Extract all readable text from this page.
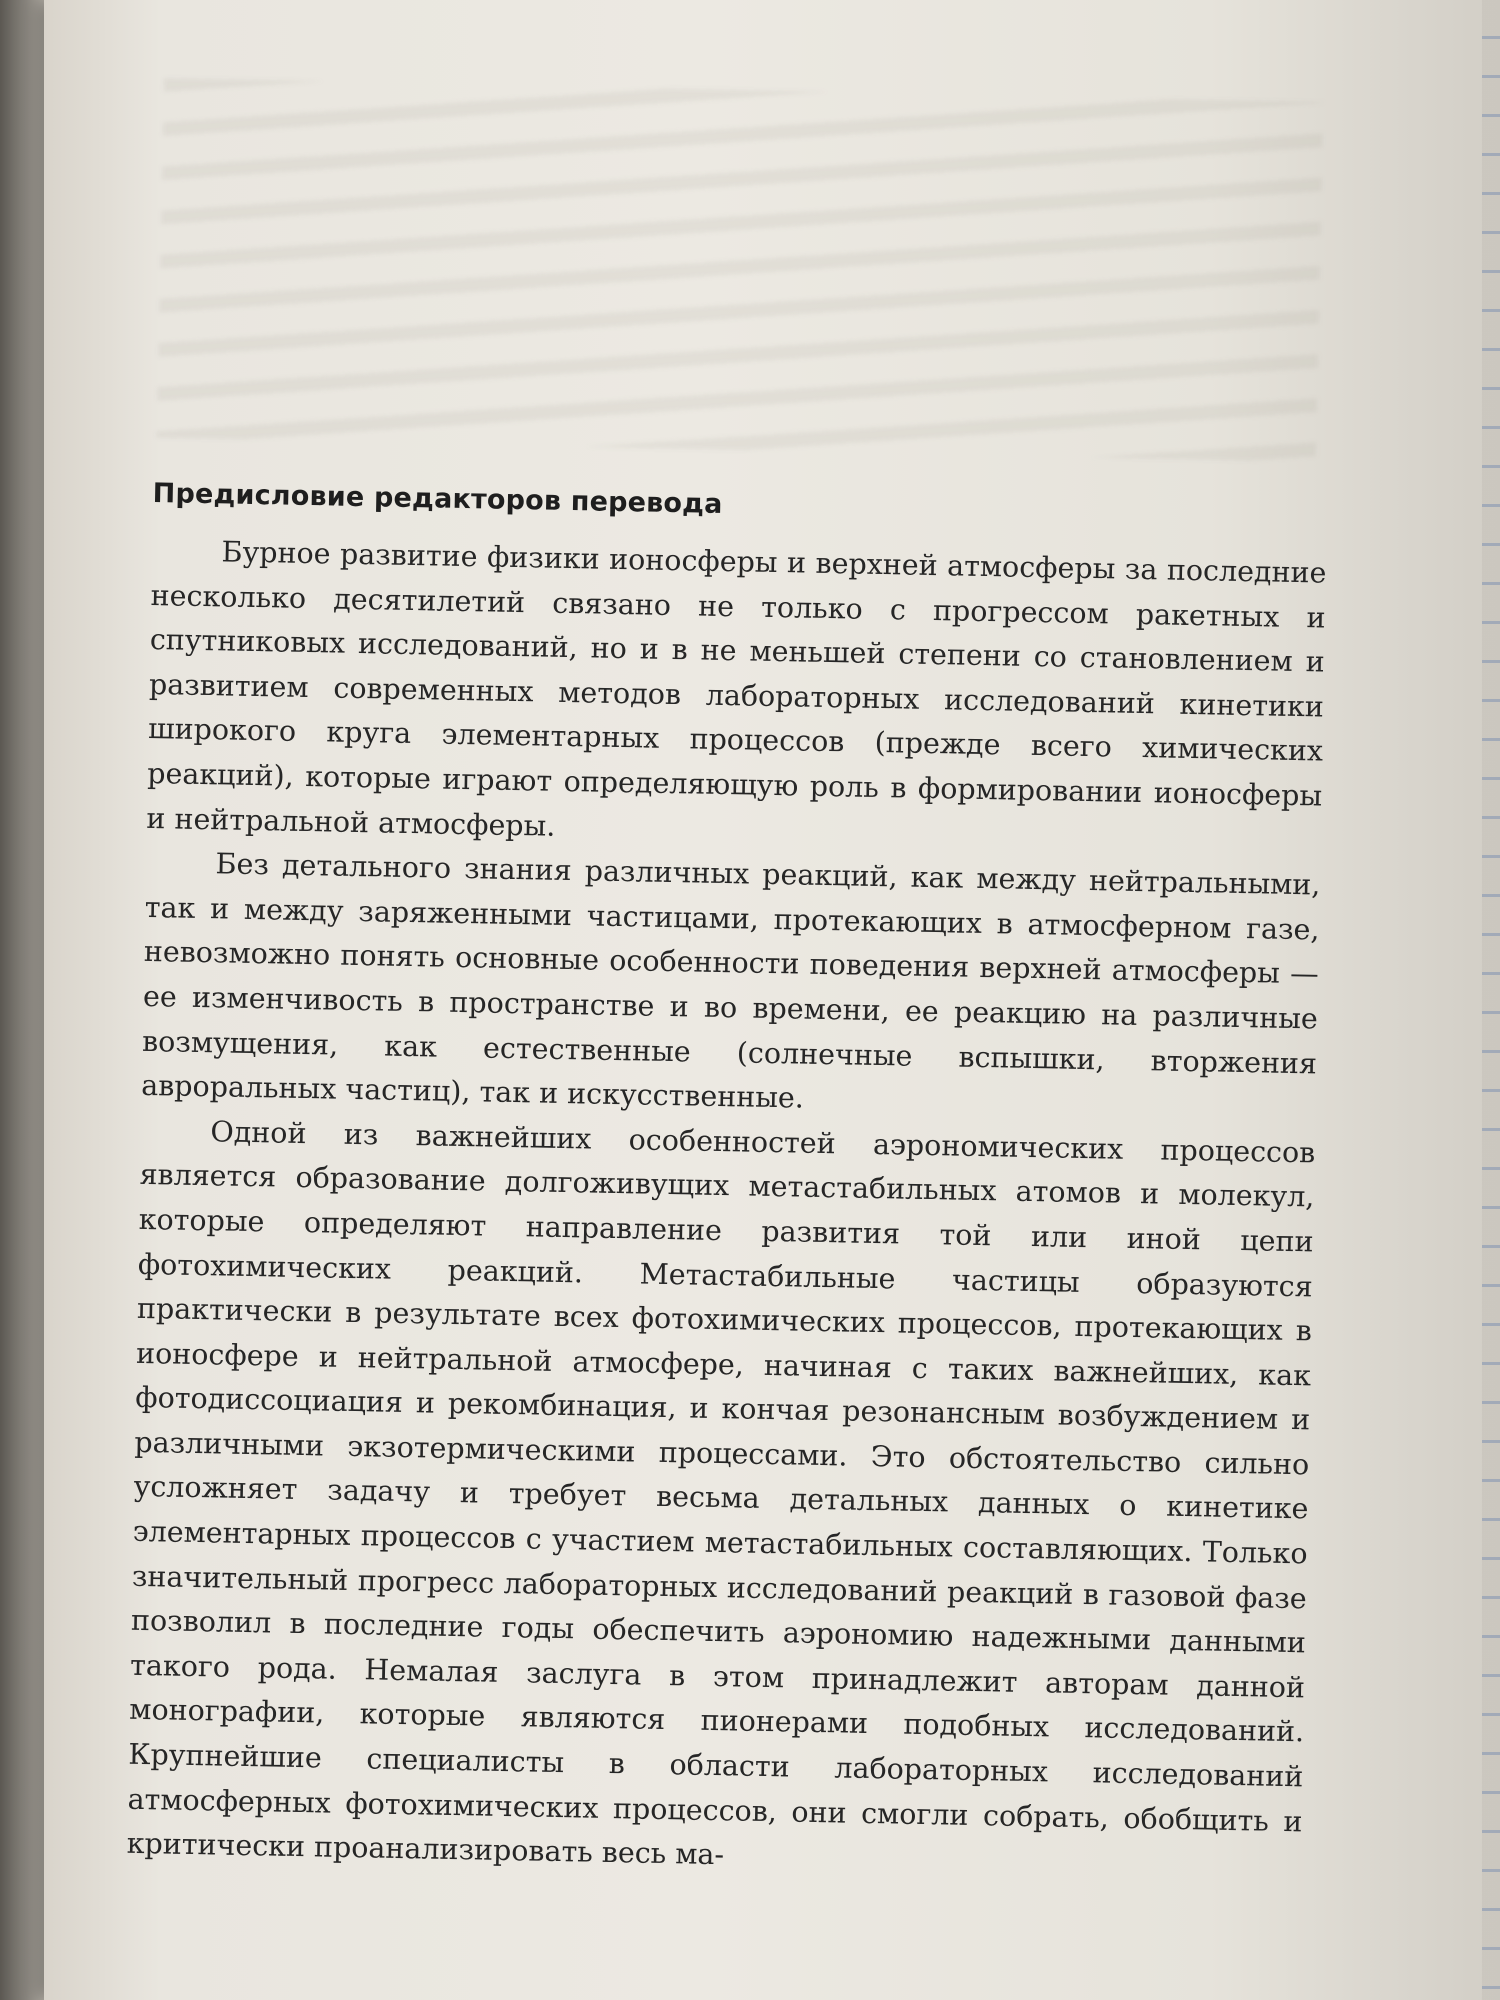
Предисловие редакторов перевода

Бурное развитие физики ионосферы и верхней атмосферы за последние несколько десятилетий связано не только с прогрессом ракетных и спутниковых исследований, но и в не меньшей степени со становлением и развитием современных методов лабораторных исследований кинетики широкого круга элементарных процессов (прежде всего химических реакций), которые играют определяющую роль в формировании ионосферы и нейтральной атмосферы.

Без детального знания различных реакций, как между нейтральными, так и между заряженными частицами, протекающих в атмосферном газе, невозможно понять основные особенности поведения верхней атмосферы — ее изменчивость в пространстве и во времени, ее реакцию на различные возмущения, как естественные (солнечные вспышки, вторжения авроральных частиц), так и искусственные.

Одной из важнейших особенностей аэрономических процессов является образование долгоживущих метастабильных атомов и молекул, которые определяют направление развития той или иной цепи фотохимических реакций. Метастабильные частицы образуются практически в результате всех фотохимических процессов, протекающих в ионосфере и нейтральной атмосфере, начиная с таких важнейших, как фотодиссоциация и рекомбинация, и кончая резонансным возбуждением и различными экзотермическими процессами. Это обстоятельство сильно усложняет задачу и требует весьма детальных данных о кинетике элементарных процессов с участием метастабильных составляющих. Только значительный прогресс лабораторных исследований реакций в газовой фазе позволил в последние годы обеспечить аэрономию надежными данными такого рода. Немалая заслуга в этом принадлежит авторам данной монографии, которые являются пионерами подобных исследований. Крупнейшие специалисты в области лабораторных исследований атмосферных фотохимических процессов, они смогли собрать, обобщить и критически проанализировать весь ма-
